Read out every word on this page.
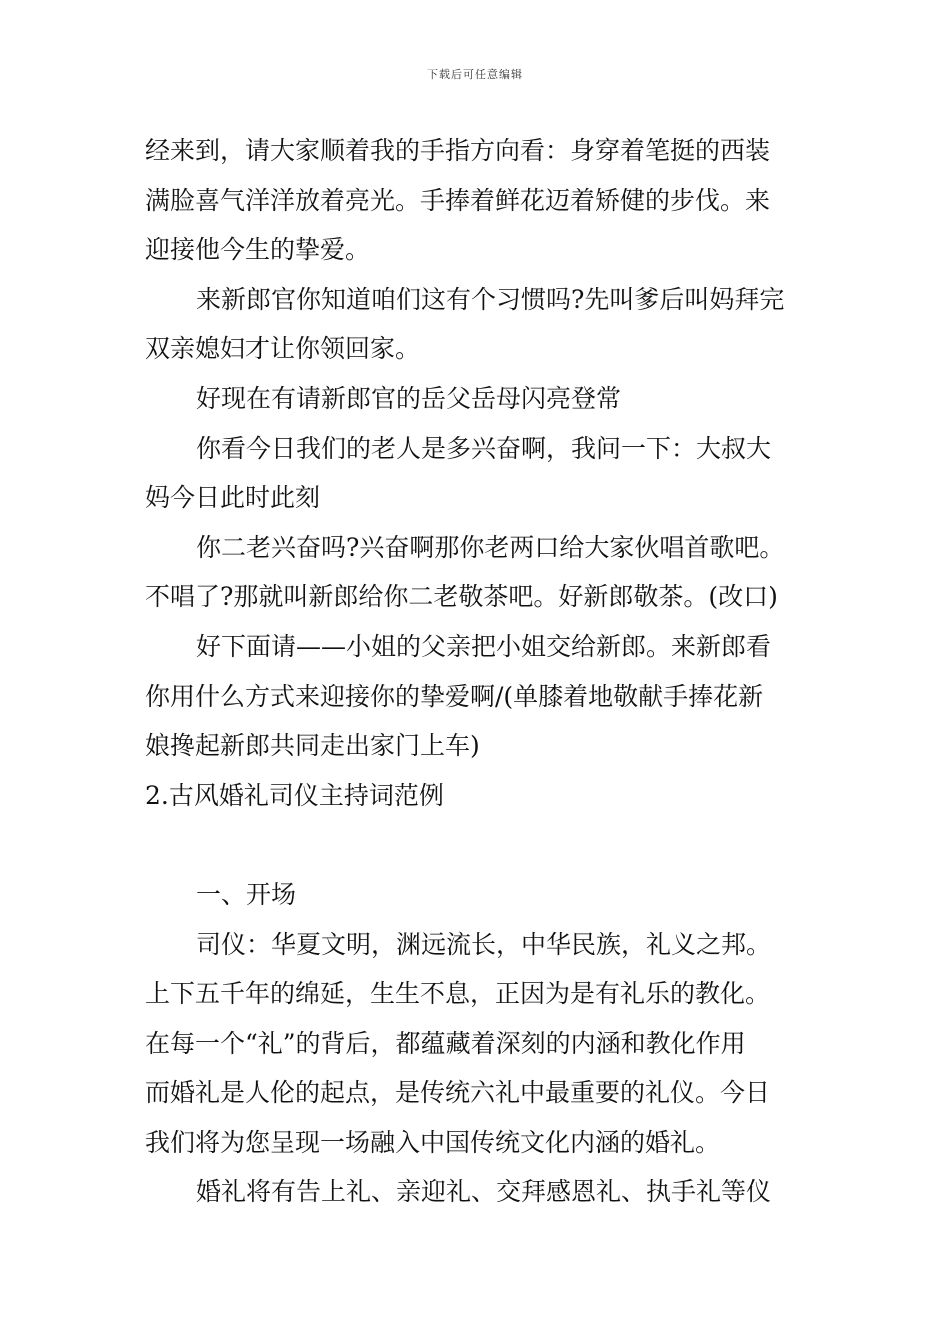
下载后可任意编辑
经来到，请大家顺着我的手指方向看：身穿着笔挺的西装
满脸喜气洋洋放着亮光。手捧着鲜花迈着矫健的步伐。来
迎接他今生的挚爱。
来新郎官你知道咱们这有个习惯吗?先叫爹后叫妈拜完
双亲媳妇才让你领回家。
好现在有请新郎官的岳父岳母闪亮登常
你看今日我们的老人是多兴奋啊，我问一下：大叔大
妈今日此时此刻
你二老兴奋吗?兴奋啊那你老两口给大家伙唱首歌吧。
不唱了?那就叫新郎给你二老敬茶吧。好新郎敬茶。(改口)
好下面请——小姐的父亲把小姐交给新郎。来新郎看
你用什么方式来迎接你的挚爱啊/(单膝着地敬献手捧花新
娘搀起新郎共同走出家门上车)
2.古风婚礼司仪主持词范例
一、开场
司仪：华夏文明，渊远流长，中华民族，礼义之邦。
上下五千年的绵延，生生不息，正因为是有礼乐的教化。
在每一个“礼”的背后，都蕴藏着深刻的内涵和教化作用
而婚礼是人伦的起点，是传统六礼中最重要的礼仪。今日
我们将为您呈现一场融入中国传统文化内涵的婚礼。
婚礼将有告上礼、亲迎礼、交拜感恩礼、执手礼等仪
